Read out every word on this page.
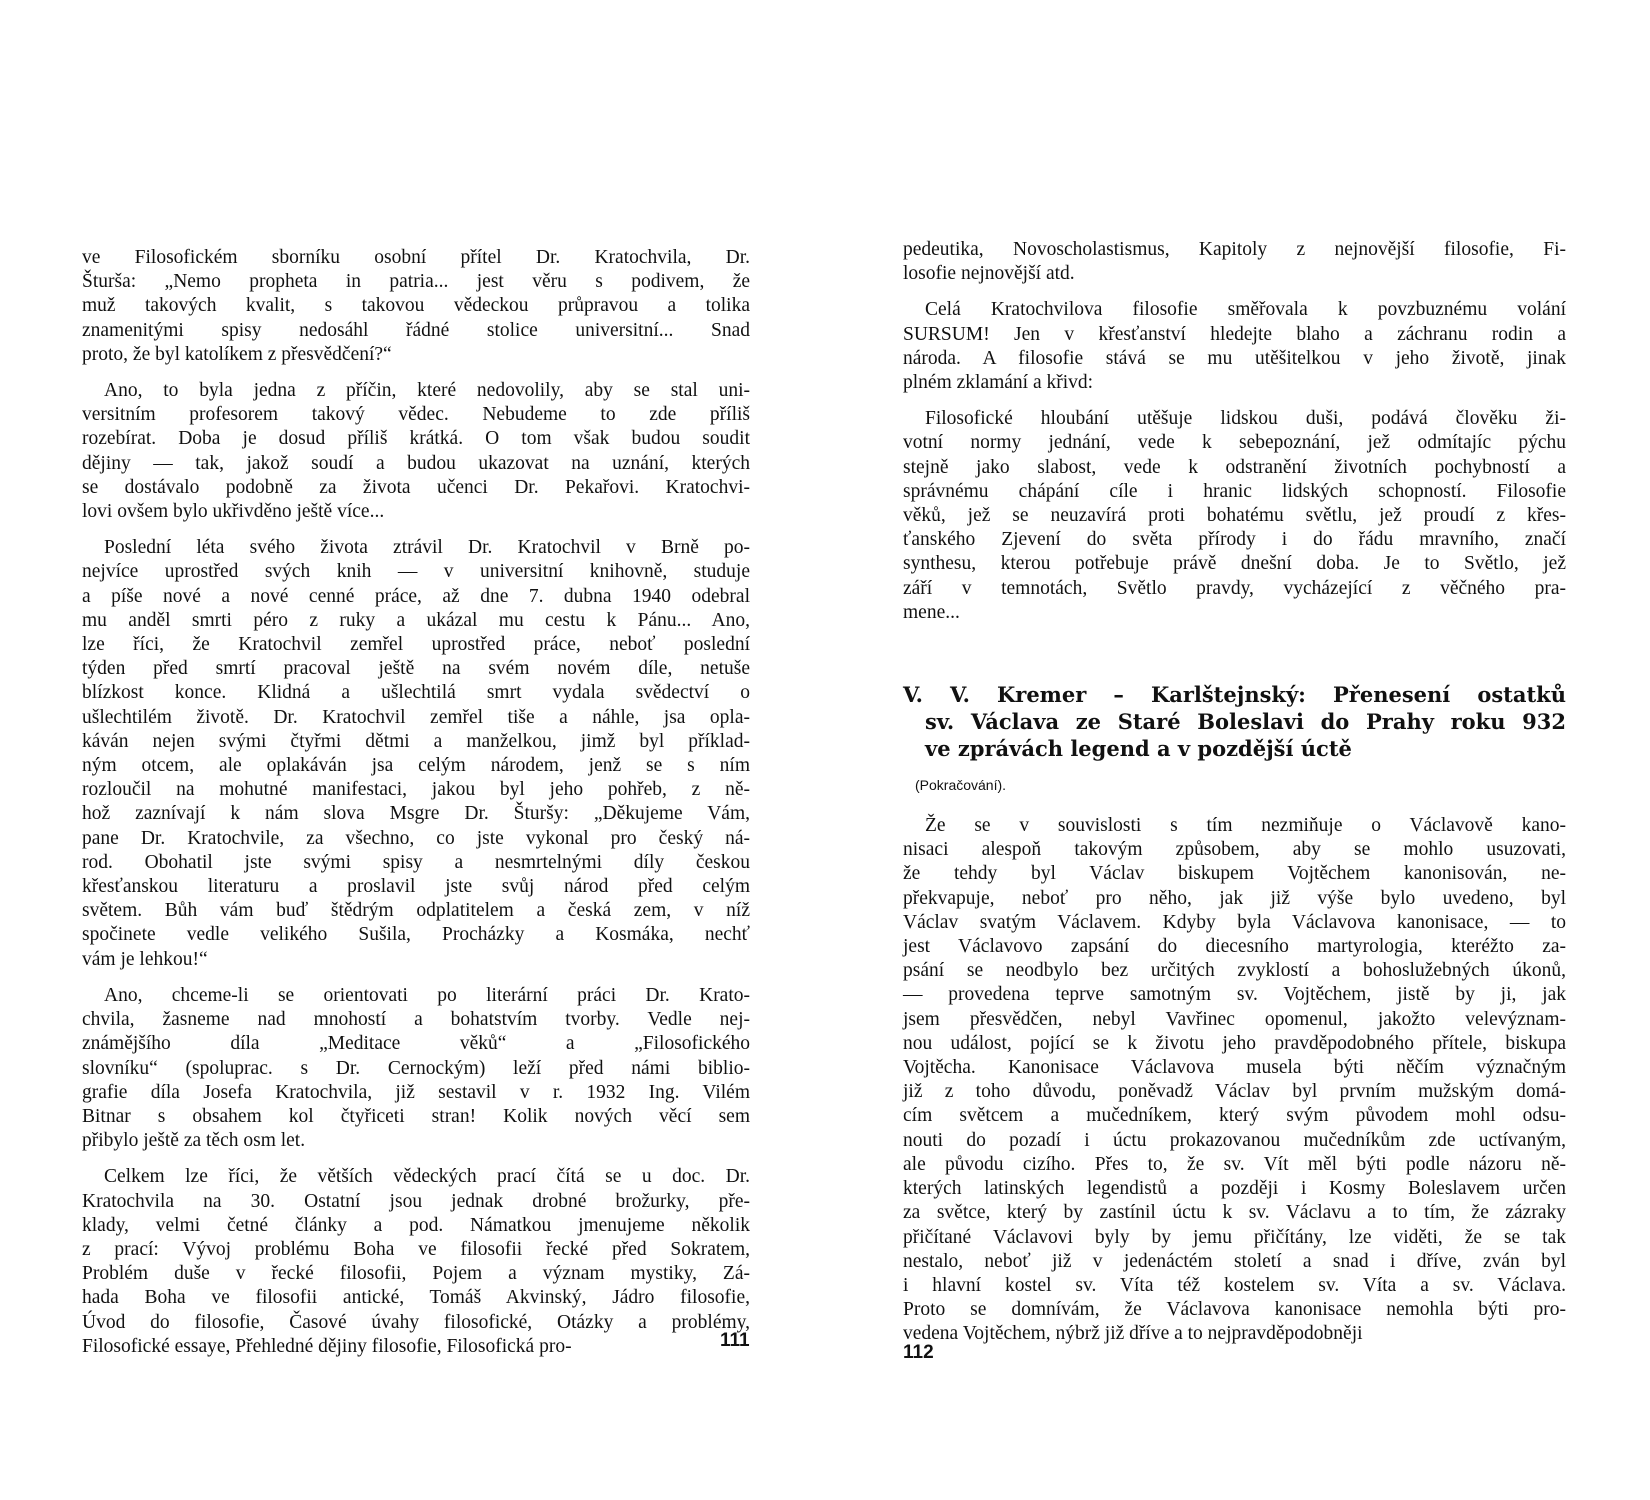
ve Filosofickém sborníku osobní přítel Dr. Kratochvila, Dr.
Šturša: „Nemo propheta in patria... jest věru s podivem, že
muž takových kvalit, s takovou vědeckou průpravou a tolika
znamenitými spisy nedosáhl řádné stolice universitní... Snad
proto, že byl katolíkem z přesvědčení?“
Ano, to byla jedna z příčin, které nedovolily, aby se stal uni-
versitním profesorem takový vědec. Nebudeme to zde příliš
rozebírat. Doba je dosud příliš krátká. O tom však budou soudit
dějiny — tak, jakož soudí a budou ukazovat na uznání, kterých
se dostávalo podobně za života učenci Dr. Pekařovi. Kratochvi-
lovi ovšem bylo ukřivděno ještě více...
Poslední léta svého života ztrávil Dr. Kratochvil v Brně po-
nejvíce uprostřed svých knih — v universitní knihovně, studuje
a píše nové a nové cenné práce, až dne 7. dubna 1940 odebral
mu anděl smrti péro z ruky a ukázal mu cestu k Pánu... Ano,
lze říci, že Kratochvil zemřel uprostřed práce, neboť poslední
týden před smrtí pracoval ještě na svém novém díle, netuše
blízkost konce. Klidná a ušlechtilá smrt vydala svědectví o
ušlechtilém životě. Dr. Kratochvil zemřel tiše a náhle, jsa opla-
káván nejen svými čtyřmi dětmi a manželkou, jimž byl příklad-
ným otcem, ale oplakáván jsa celým národem, jenž se s ním
rozloučil na mohutné manifestaci, jakou byl jeho pohřeb, z ně-
hož zaznívají k nám slova Msgre Dr. Šturšy: „Děkujeme Vám,
pane Dr. Kratochvile, za všechno, co jste vykonal pro český ná-
rod. Obohatil jste svými spisy a nesmrtelnými díly českou
křesťanskou literaturu a proslavil jste svůj národ před celým
světem. Bůh vám buď štědrým odplatitelem a česká zem, v níž
spočinete vedle velikého Sušila, Procházky a Kosmáka, nechť
vám je lehkou!“
Ano, chceme-li se orientovati po literární práci Dr. Krato-
chvila, žasneme nad mnohostí a bohatstvím tvorby. Vedle nej-
známějšího díla „Meditace věků“ a „Filosofického
slovníku“ (spoluprac. s Dr. Cernockým) leží před námi biblio-
grafie díla Josefa Kratochvila, již sestavil v r. 1932 Ing. Vilém
Bitnar s obsahem kol čtyřiceti stran! Kolik nových věcí sem
přibylo ještě za těch osm let.
Celkem lze říci, že větších vědeckých prací čítá se u doc. Dr.
Kratochvila na 30. Ostatní jsou jednak drobné brožurky, pře-
klady, velmi četné články a pod. Námatkou jmenujeme několik
z prací: Vývoj problému Boha ve filosofii řecké před Sokratem,
Problém duše v řecké filosofii, Pojem a význam mystiky, Zá-
hada Boha ve filosofii antické, Tomáš Akvinský, Jádro filosofie,
Úvod do filosofie, Časové úvahy filosofické, Otázky a problémy,
Filosofické essaye, Přehledné dějiny filosofie, Filosofická pro-	111
pedeutika, Novoscholastismus, Kapitoly z nejnovější filosofie, Fi-
losofie nejnovější atd.
Celá Kratochvilova filosofie směřovala k povzbuznému volání
SURSUM! Jen v křesťanství hledejte blaho a záchranu rodin a
národa. A filosofie stává se mu utěšitelkou v jeho životě, jinak
plném zklamání a křivd:
Filosofické hloubání utěšuje lidskou duši, podává člověku ži-
votní normy jednání, vede k sebepoznání, jež odmítajíc pýchu
stejně jako slabost, vede k odstranění životních pochybností a
správnému chápání cíle i hranic lidských schopností. Filosofie
věků, jež se neuzavírá proti bohatému světlu, jež proudí z křes-
ťanského Zjevení do světa přírody i do řádu mravního, značí
synthesu, kterou potřebuje právě dnešní doba. Je to Světlo, jež
září v temnotách, Světlo pravdy, vycházející z věčného pra-
mene...
V. V. Kremer – Karlštejnský: Přenesení ostatků
sv. Václava ze Staré Boleslavi do Prahy roku 932
ve zprávách legend a v pozdější úctě
(Pokračování).
Že se v souvislosti s tím nezmiňuje o Václavově kano-
nisaci alespoň takovým způsobem, aby se mohlo usuzovati,
že tehdy byl Václav biskupem Vojtěchem kanonisován, ne-
překvapuje, neboť pro něho, jak již výše bylo uvedeno, byl
Václav svatým Václavem. Kdyby byla Václavova kanonisace, — to
jest Václavovo zapsání do diecesního martyrologia, kteréžto za-
psání se neodbylo bez určitých zvyklostí a bohoslužebných úkonů,
— provedena teprve samotným sv. Vojtěchem, jistě by ji, jak
jsem přesvědčen, nebyl Vavřinec opomenul, jakožto velevýznam-
nou událost, pojící se k životu jeho pravděpodobného přítele, biskupa
Vojtěcha. Kanonisace Václavova musela býti něčím význačným
již z toho důvodu, poněvadž Václav byl prvním mužským domá-
cím světcem a mučedníkem, který svým původem mohl odsu-
nouti do pozadí i úctu prokazovanou mučedníkům zde uctívaným,
ale původu cizího. Přes to, že sv. Vít měl býti podle názoru ně-
kterých latinských legendistů a později i Kosmy Boleslavem určen
za světce, který by zastínil úctu k sv. Václavu a to tím, že zázraky
přičítané Václavovi byly by jemu přičítány, lze viděti, že se tak
nestalo, neboť již v jedenáctém století a snad i dříve, zván byl
i hlavní kostel sv. Víta též kostelem sv. Víta a sv. Václava.
Proto se domnívám, že Václavova kanonisace nemohla býti pro-
vedena Vojtěchem, nýbrž již dříve a to nejpravděpodobněji
112
